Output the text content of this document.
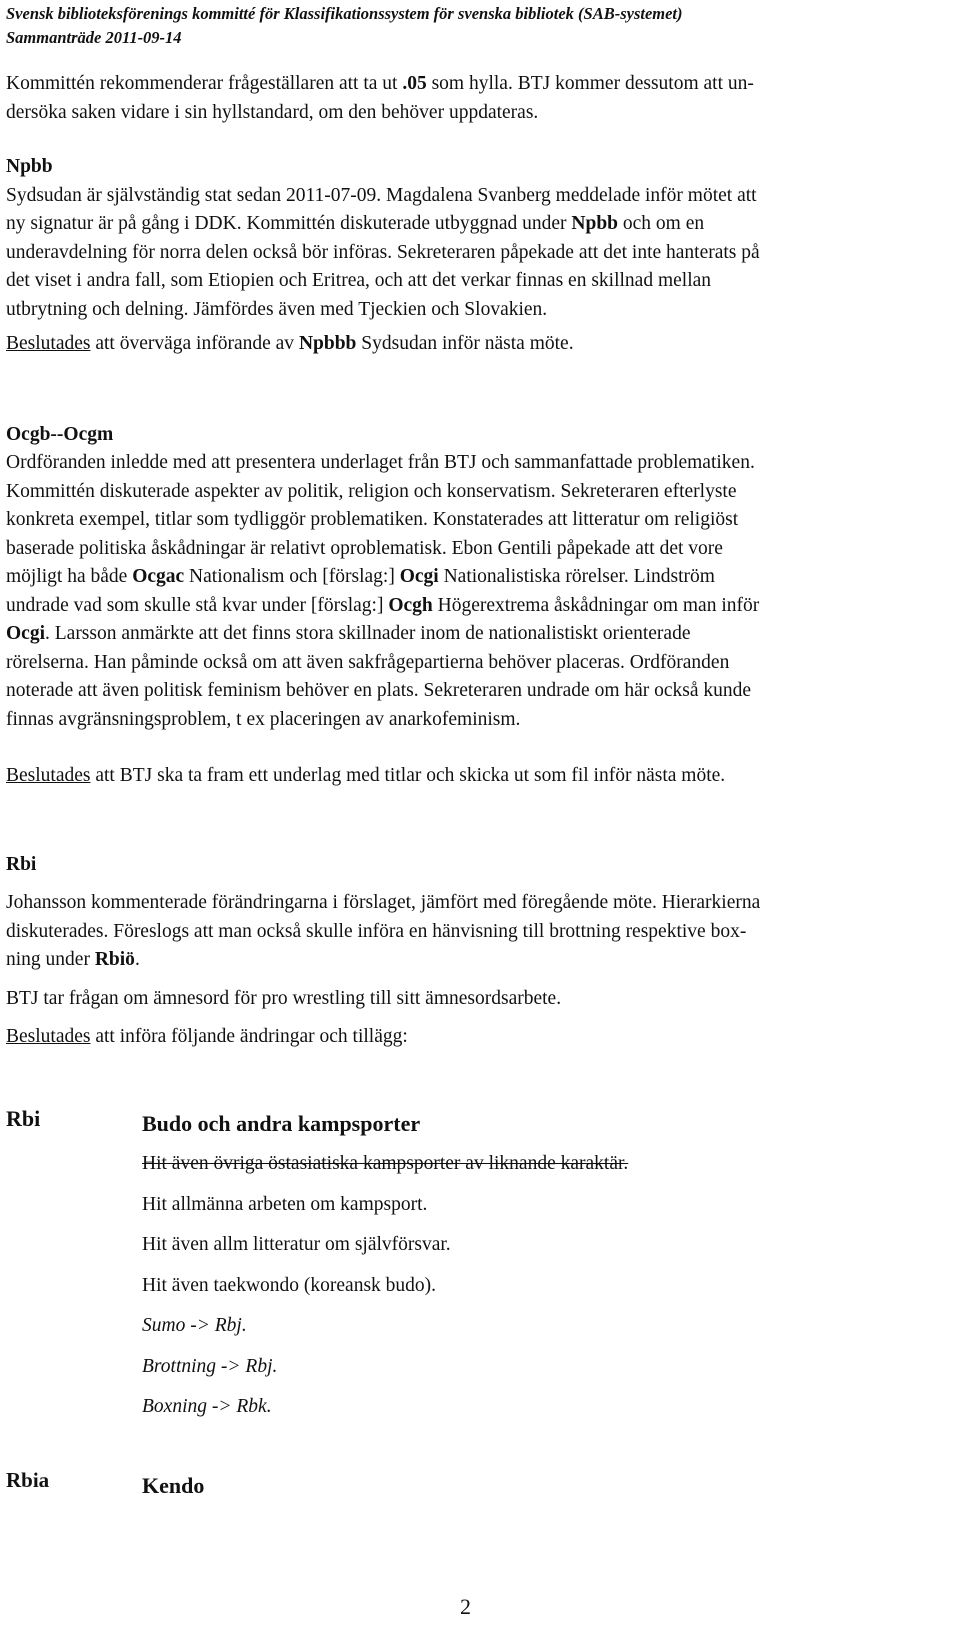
Svensk biblioteksförenings kommitté för Klassifikationssystem för svenska bibliotek (SAB-systemet)
Sammanträde 2011-09-14

Kommittén rekommenderar frågeställaren att ta ut .05 som hylla. BTJ kommer dessutom att un-

dersöka saken vidare i sin hyllstandard, om den behöver uppdateras.

Npbb

Sydsudan är självständig stat sedan 2011-07-09. Magdalena Svanberg meddelade inför mötet att

ny signatur är på gång i DDK. Kommittén diskuterade utbyggnad under Npbb och om en

underavdelning för norra delen också bör införas. Sekreteraren påpekade att det inte hanterats på

det viset i andra fall, som Etiopien och Eritrea, och att det verkar finnas en skillnad mellan

utbrytning och delning. Jämfördes även med Tjeckien och Slovakien.

Beslutades att överväga införande av Npbbb Sydsudan inför nästa möte.

Ocgb--Ocgm

Ordföranden inledde med att presentera underlaget från BTJ och sammanfattade problematiken.

Kommittén diskuterade aspekter av politik, religion och konservatism. Sekreteraren efterlyste

konkreta exempel, titlar som tydliggör problematiken. Konstaterades att litteratur om religiöst

baserade politiska åskådningar är relativt oproblematisk. Ebon Gentili påpekade att det vore

möjligt ha både Ocgac Nationalism och [förslag:] Ocgi Nationalistiska rörelser. Lindström

undrade vad som skulle stå kvar under [förslag:] Ocgh Högerextrema åskådningar om man inför

Ocgi. Larsson anmärkte att det finns stora skillnader inom de nationalistiskt orienterade

rörelserna. Han påminde också om att även sakfrågepartierna behöver placeras. Ordföranden

noterade att även politisk feminism behöver en plats. Sekreteraren undrade om här också kunde

finnas avgränsningsproblem, t ex placeringen av anarkofeminism.

Beslutades att BTJ ska ta fram ett underlag med titlar och skicka ut som fil inför nästa möte.

Rbi

Johansson kommenterade förändringarna i förslaget, jämfört med föregående möte. Hierarkierna

diskuterades. Föreslogs att man också skulle införa en hänvisning till brottning respektive box-

ning under Rbiö.

BTJ tar frågan om ämnesord för pro wrestling till sitt ämnesordsarbete.

Beslutades att införa följande ändringar och tillägg:

Rbi	Budo och andra kampsporter
Hit även övriga östasiatiska kampsporter av liknande karaktär.
Hit allmänna arbeten om kampsport.
Hit även allm litteratur om självförsvar.
Hit även taekwondo (koreansk budo).
Sumo -> Rbj.
Brottning -> Rbj.
Boxning -> Rbk.
Rbia	Kendo
2
